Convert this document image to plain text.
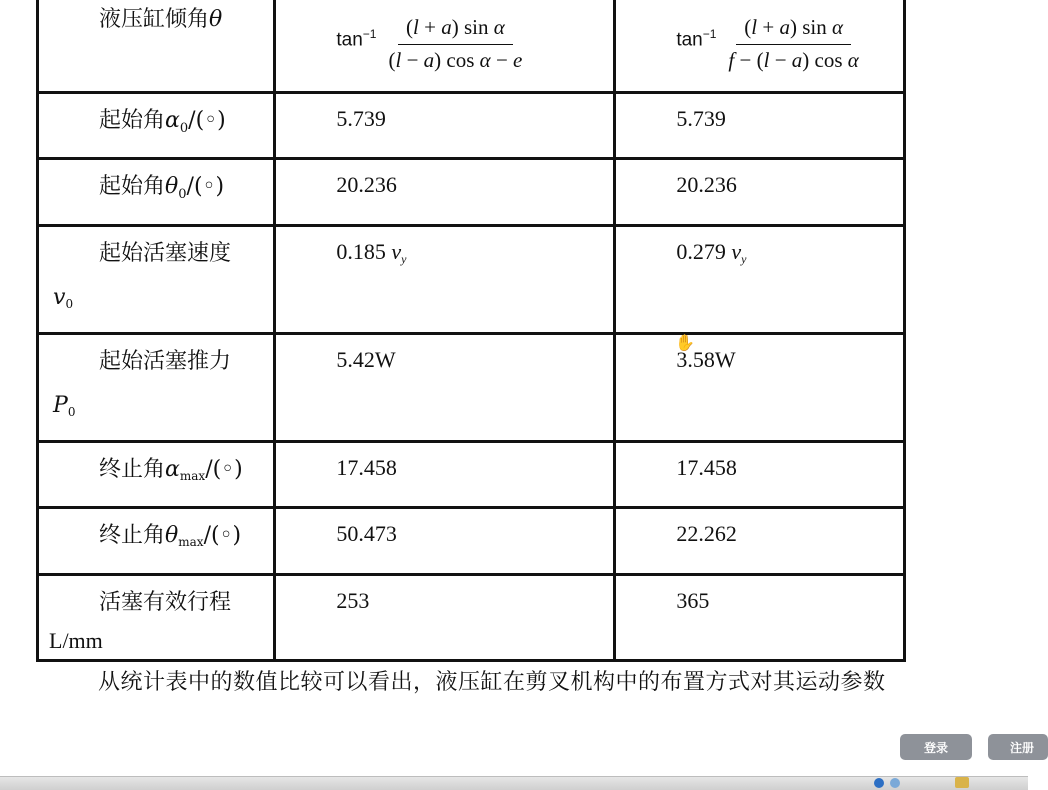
液压缸倾角θ	$\tan^{-1} \frac{\text{(l + a) sin α}}{\text{(l − a) cos α − e}}$	$\tan^{-1} \frac{\text{(l + a) sin α}}{\text{f − (l − a) cos α}}$

起始角$\alpha_0/(◦)$	5.739	5.739

起始角$\theta_0/(◦)$	20.236	20.236

起始活塞速度
$v_0$	0.185 $v_y$	0.279 $v_y$

起始活塞推力
$P_0$	5.42W	3.58W

终止角$\alpha_{max}/(◦)$	17.458	17.458

终止角$\theta_{max}/(◦)$	50.473	22.262

活塞有效行程
L/mm	253	365
从统计表中的数值比较可以看出，液压缸在剪叉机构中的布置方式对其运动参数
✋
登录	注册
